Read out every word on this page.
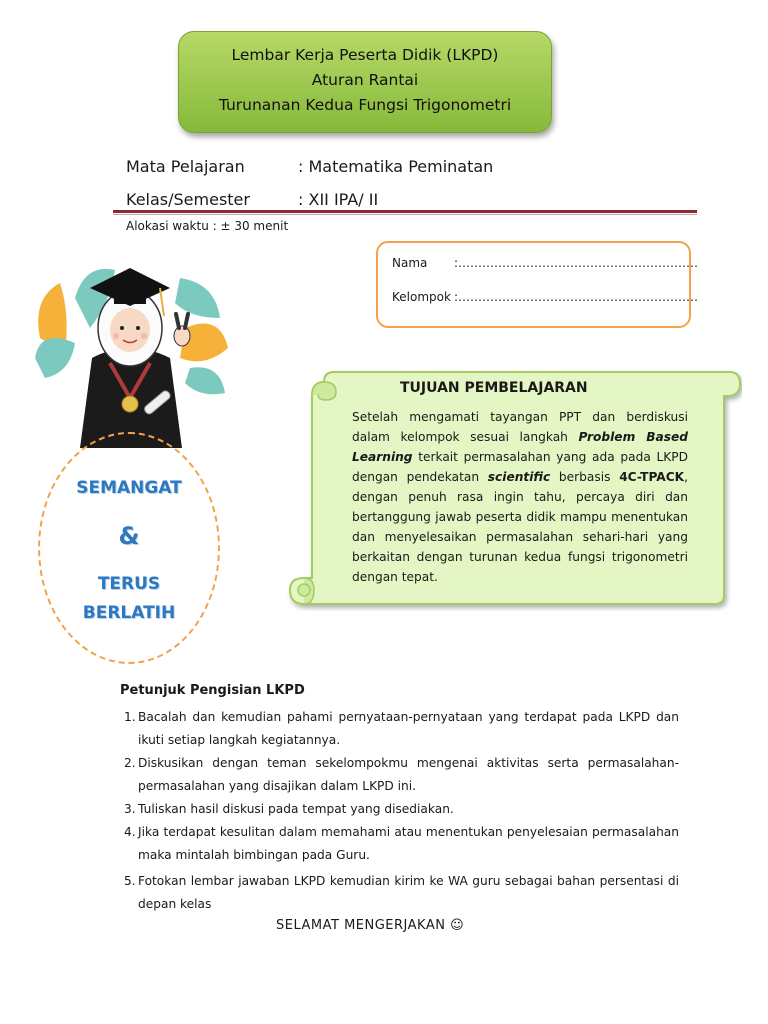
Lembar Kerja Peserta Didik (LKPD)
Aturan Rantai
Turunanan Kedua Fungsi Trigonometri
Mata Pelajaran	: Matematika Peminatan
Kelas/Semester	: XII IPA/ II
Alokasi waktu : ± 30 menit
Nama :……………………………………………………
Kelompok :……………………………………………………
SEMANGAT
&
TERUS
BERLATIH
TUJUAN PEMBELAJARAN
Setelah mengamati tayangan PPT dan berdiskusi dalam kelompok sesuai langkah Problem Based Learning terkait permasalahan yang ada pada LKPD dengan pendekatan scientific berbasis 4C-TPACK, dengan penuh rasa ingin tahu, percaya diri dan bertanggung jawab peserta didik mampu menentukan dan menyelesaikan permasalahan sehari-hari yang berkaitan dengan turunan kedua fungsi trigonometri dengan tepat.
Petunjuk Pengisian LKPD
1. Bacalah dan kemudian pahami pernyataan-pernyataan yang terdapat pada LKPD dan ikuti setiap langkah kegiatannya.
2. Diskusikan dengan teman sekelompokmu mengenai aktivitas serta permasalahan-permasalahan yang disajikan dalam LKPD ini.
3. Tuliskan hasil diskusi pada tempat yang disediakan.
4. Jika terdapat kesulitan dalam memahami atau menentukan penyelesaian permasalahan maka mintalah bimbingan pada Guru.
5. Fotokan lembar jawaban LKPD kemudian kirim ke WA guru sebagai bahan persentasi di depan kelas
SELAMAT MENGERJAKAN ☺
